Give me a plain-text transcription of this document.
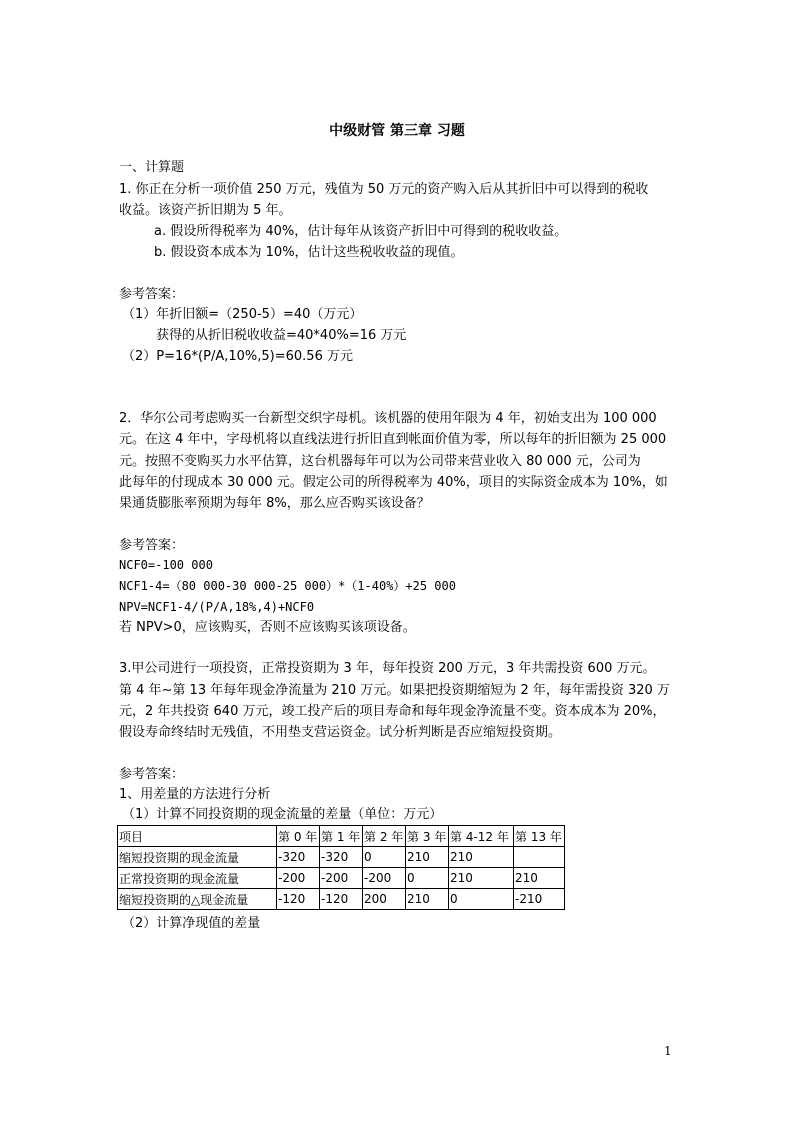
中级财管 第三章 习题
一、计算题
1. 你正在分析一项价值 250 万元，残值为 50 万元的资产购入后从其折旧中可以得到的税收
收益。该资产折旧期为 5 年。
a. 假设所得税率为 40%，估计每年从该资产折旧中可得到的税收收益。
b. 假设资本成本为 10%，估计这些税收收益的现值。
参考答案：
（1）年折旧额=（250-5）=40（万元）
获得的从折旧税收收益=40*40%=16 万元
（2）P=16*(P/A,10%,5)=60.56 万元
2．华尔公司考虑购买一台新型交织字母机。该机器的使用年限为 4 年，初始支出为 100 000
元。在这 4 年中，字母机将以直线法进行折旧直到帐面价值为零，所以每年的折旧额为 25 000
元。按照不变购买力水平估算，这台机器每年可以为公司带来营业收入 80 000 元，公司为
此每年的付现成本 30 000 元。假定公司的所得税率为 40%，项目的实际资金成本为 10%，如
果通货膨胀率预期为每年 8%，那么应否购买该设备？
参考答案：
NCF0=-100 000
NCF1-4=（80 000-30 000-25 000）*（1-40%）+25 000
NPV=NCF1-4/(P/A,18%,4)+NCF0
若 NPV>0，应该购买，否则不应该购买该项设备。
3.甲公司进行一项投资，正常投资期为 3 年，每年投资 200 万元，3 年共需投资 600 万元。
第 4 年~第 13 年每年现金净流量为 210 万元。如果把投资期缩短为 2 年，每年需投资 320 万
元，2 年共投资 640 万元，竣工投产后的项目寿命和每年现金净流量不变。资本成本为 20%，
假设寿命终结时无残值，不用垫支营运资金。试分析判断是否应缩短投资期。
参考答案：
1、用差量的方法进行分析
（1）计算不同投资期的现金流量的差量（单位：万元）
项目	第 0 年	第 1 年	第 2 年	第 3 年	第 4-12 年	第 13 年
缩短投资期的现金流量	-320	-320	0	210	210	
正常投资期的现金流量	-200	-200	-200	0	210	210
缩短投资期的△现金流量	-120	-120	200	210	0	-210
（2）计算净现值的差量
1
